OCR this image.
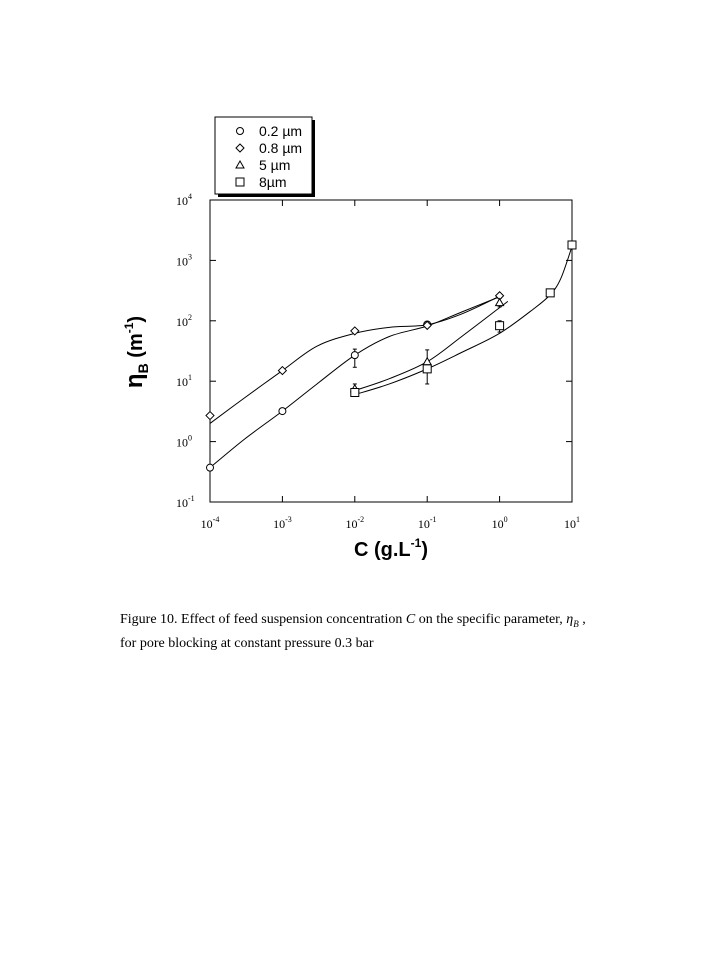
0.2 µm
0.8 µm
5 µm
8µm
$10^{-4}$	$10^{-3}$	$10^{-2}$	$10^{-1}$	$10^0$	$10^1$
$10^{-1}$
$10^0$
$10^1$
$10^2$
$10^3$
$10^4$
C $(g.L^{-1})$
$\eta_B$ $(m^{-1})$

Figure 10. Effect of feed suspension concentration C on the specific parameter, $\eta_B$ , for pore blocking at constant pressure 0.3 bar
